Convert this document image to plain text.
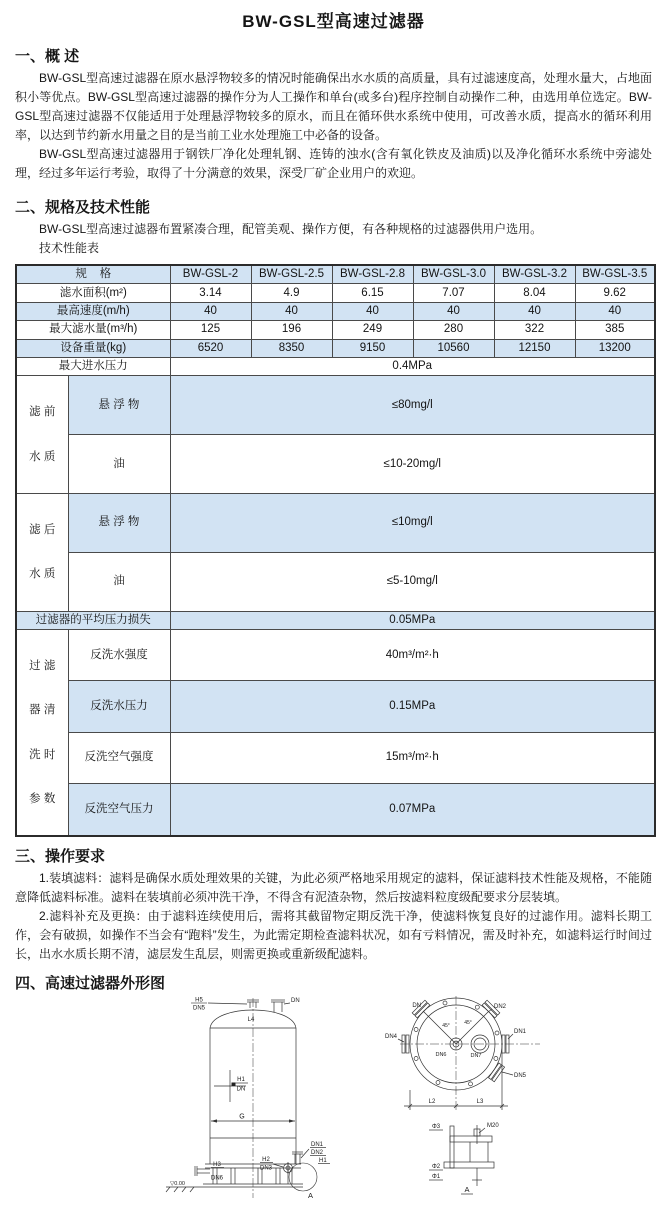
BW-GSL型高速过滤器
一、概 述

BW-GSL型高速过滤器在原水悬浮物较多的情况时能确保出水水质的高质量，具有过滤速度高，处理水量大，占地面积小等优点。BW-GSL型高速过滤器的操作分为人工操作和单台(或多台)程序控制自动操作二种，由选用单位选定。BW-GSL型高速过滤器不仅能适用于处理悬浮物较多的原水，而且在循环供水系统中使用，可改善水质，提高水的循环利用率，以达到节约新水用量之目的是当前工业水处理施工中必备的设备。

BW-GSL型高速过滤器用于钢铁厂净化处理轧钢、连铸的浊水(含有氧化铁皮及油质)以及净化循环水系统中旁滤处理，经过多年运行考验，取得了十分满意的效果，深受厂矿企业用户的欢迎。

二、规格及技术性能

BW-GSL型高速过滤器布置紧凑合理，配管美观、操作方便，有各种规格的过滤器供用户选用。

技术性能表

规    格		BW-GSL-2	BW-GSL-2.5	BW-GSL-2.8	BW-GSL-3.0	BW-GSL-3.2	BW-GSL-3.5
滤水面积(m²)		3.14	4.9	6.15	7.07	8.04	9.62
最高速度(m/h)		40	40	40	40	40	40
最大滤水量(m³/h)		125	196	249	280	322	385
设备重量(kg)		6520	8350	9150	10560	12150	13200
最大进水压力		0.4MPa					

滤 前

水 质	悬 浮 物	≤80mg/l					
	油	≤10-20mg/l					

滤 后

水 质	悬 浮 物	≤10mg/l					
	油	≤5-10mg/l					
过滤器的平均压力损失		0.05MPa					

过 滤

器 清

洗 时

参 数	反洗水强度	40m³/m²·h					
	反洗水压力	0.15MPa					
	反洗空气强度	15m³/m²·h					
	反洗空气压力	0.07MPa					
三、操作要求

1.装填滤料：滤料是确保水质处理效果的关键，为此必须严格地采用规定的滤料，保证滤料技术性能及规格，不能随意降低滤料标准。滤料在装填前必须冲洗干净，不得含有泥渣杂物，然后按滤料粒度级配要求分层装填。

2.滤料补充及更换：由于滤料连续使用后，需将其截留物定期反洗干净，使滤料恢复良好的过滤作用。滤料长期工作，会有破损，如操作不当会有“跑料”发生，为此需定期检查滤料状况，如有亏料情况，需及时补充，如滤料运行时间过长，出水水质长期不清，滤层发生乱层，则需更换或重新级配滤料。

四、高速过滤器外形图
H5
DN5
DN
L4
H1
DN
G
H3
DN6
H2
DN3
DN1
DN2
H1
▽0.00
A
DN	DN2
DN4
DN1
DN5
DN6	DN7
45°	45°
L2	L3
Φ3	M20
Φ2
Φ1
A
